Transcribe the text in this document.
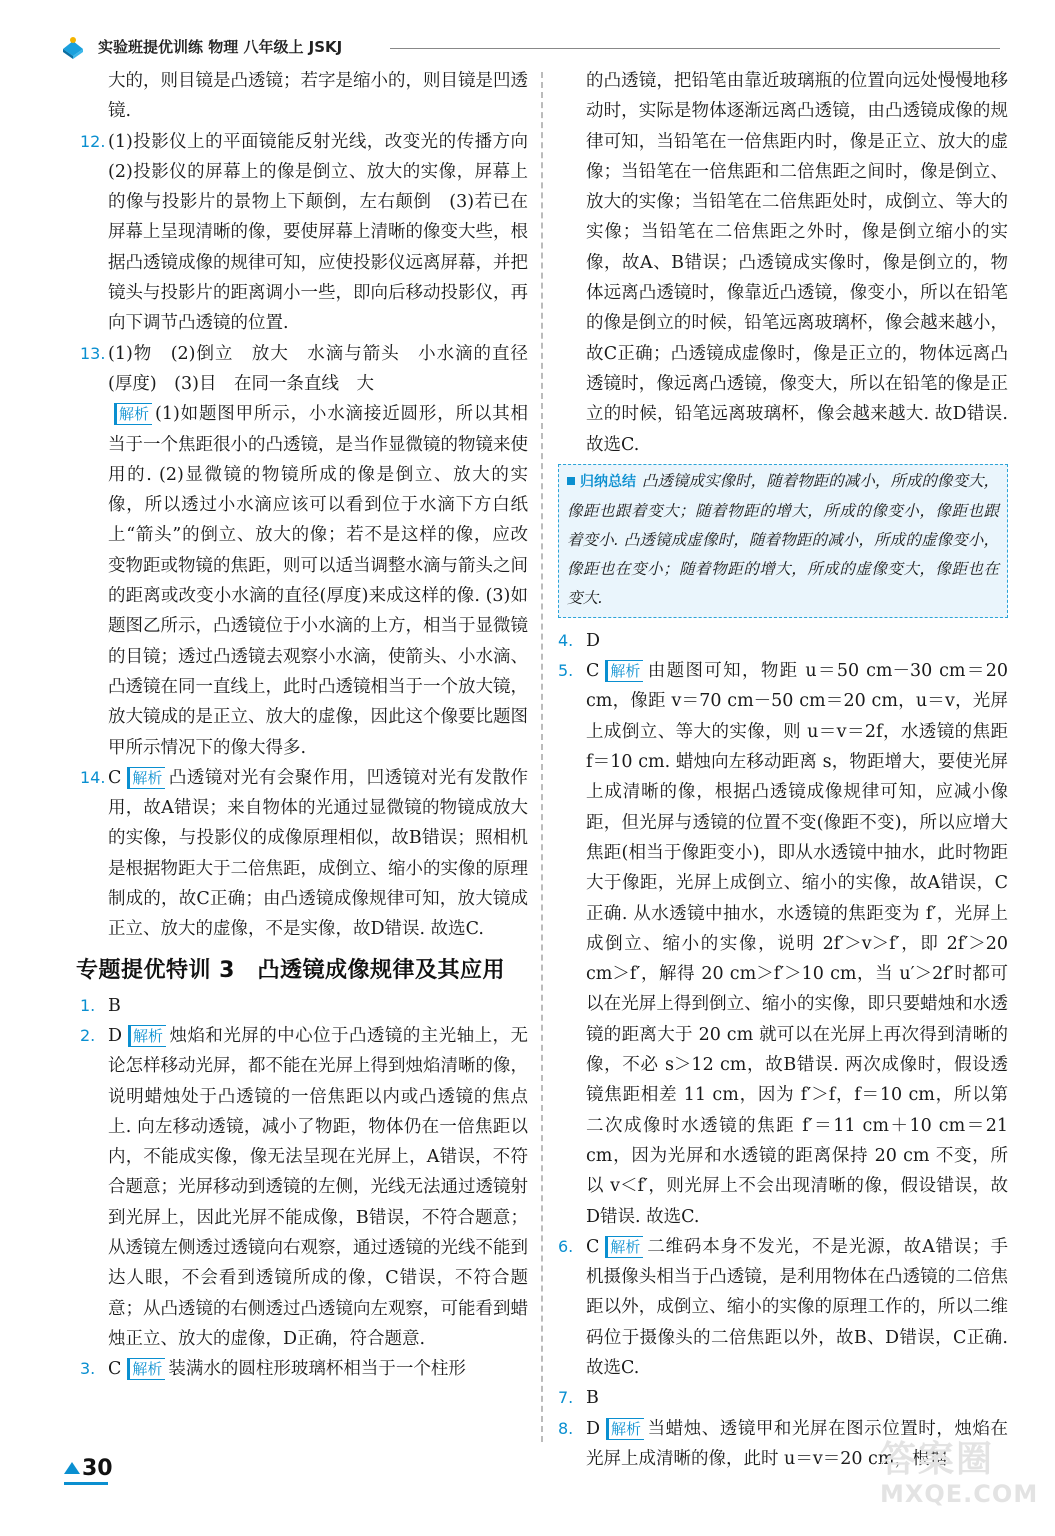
实验班提优训练 物理 八年级上 JSKJ

大的，则目镜是凸透镜；若字是缩小的，则目镜是凹透镜.

12. (1)投影仪上的平面镜能反射光线，改变光的传播方向　(2)投影仪的屏幕上的像是倒立、放大的实像，屏幕上的像与投影片的景物上下颠倒，左右颠倒　(3)若已在屏幕上呈现清晰的像，要使屏幕上清晰的像变大些，根据凸透镜成像的规律可知，应使投影仪远离屏幕，并把镜头与投影片的距离调小一些，即向后移动投影仪，再向下调节凸透镜的位置.
13. (1)物　(2)倒立　放大　水滴与箭头　小水滴的直径(厚度)　(3)目　在同一条直线　大
解析 (1)如题图甲所示，小水滴接近圆形，所以其相当于一个焦距很小的凸透镜，是当作显微镜的物镜来使用的. (2)显微镜的物镜所成的像是倒立、放大的实像，所以透过小水滴应该可以看到位于水滴下方白纸上“箭头”的倒立、放大的像；若不是这样的像，应改变物距或物镜的焦距，则可以适当调整水滴与箭头之间的距离或改变小水滴的直径(厚度)来成这样的像. (3)如题图乙所示，凸透镜位于小水滴的上方，相当于显微镜的目镜；透过凸透镜去观察小水滴，使箭头、小水滴、凸透镜在同一直线上，此时凸透镜相当于一个放大镜，放大镜成的是正立、放大的虚像，因此这个像要比题图甲所示情况下的像大得多.
14. C 解析 凸透镜对光有会聚作用，凹透镜对光有发散作用，故A错误；来自物体的光通过显微镜的物镜成放大的实像，与投影仪的成像原理相似，故B错误；照相机是根据物距大于二倍焦距，成倒立、缩小的实像的原理制成的，故C正确；由凸透镜成像规律可知，放大镜成正立、放大的虚像，不是实像，故D错误. 故选C.
专题提优特训 3　凸透镜成像规律及其应用
1. B
2. D 解析 烛焰和光屏的中心位于凸透镜的主光轴上，无论怎样移动光屏，都不能在光屏上得到烛焰清晰的像，说明蜡烛处于凸透镜的一倍焦距以内或凸透镜的焦点上. 向左移动透镜，减小了物距，物体仍在一倍焦距以内，不能成实像，像无法呈现在光屏上，A错误，不符合题意；光屏移动到透镜的左侧，光线无法通过透镜射到光屏上，因此光屏不能成像，B错误，不符合题意；从透镜左侧透过透镜向右观察，通过透镜的光线不能到达人眼，不会看到透镜所成的像，C错误，不符合题意；从凸透镜的右侧透过凸透镜向左观察，可能看到蜡烛正立、放大的虚像，D正确，符合题意.
3. C 解析 装满水的圆柱形玻璃杯相当于一个柱形

的凸透镜，把铅笔由靠近玻璃瓶的位置向远处慢慢地移动时，实际是物体逐渐远离凸透镜，由凸透镜成像的规律可知，当铅笔在一倍焦距内时，像是正立、放大的虚像；当铅笔在一倍焦距和二倍焦距之间时，像是倒立、放大的实像；当铅笔在二倍焦距处时，成倒立、等大的实像；当铅笔在二倍焦距之外时，像是倒立缩小的实像，故A、B错误；凸透镜成实像时，像是倒立的，物体远离凸透镜时，像靠近凸透镜，像变小，所以在铅笔的像是倒立的时候，铅笔远离玻璃杯，像会越来越小，故C正确；凸透镜成虚像时，像是正立的，物体远离凸透镜时，像远离凸透镜，像变大，所以在铅笔的像是正立的时候，铅笔远离玻璃杯，像会越来越大. 故D错误. 故选C.

归纳总结 凸透镜成实像时，随着物距的减小，所成的像变大，像距也跟着变大；随着物距的增大，所成的像变小，像距也跟着变小. 凸透镜成虚像时，随着物距的减小，所成的虚像变小，像距也在变小；随着物距的增大，所成的虚像变大，像距也在变大.
4. D
5. C 解析 由题图可知，物距 u＝50 cm－30 cm＝20 cm，像距 v＝70 cm－50 cm＝20 cm，u＝v，光屏上成倒立、等大的实像，则 u＝v＝2f，水透镜的焦距 f＝10 cm. 蜡烛向左移动距离 s，物距增大，要使光屏上成清晰的像，根据凸透镜成像规律可知，应减小像距，但光屏与透镜的位置不变(像距不变)，所以应增大焦距(相当于像距变小)，即从水透镜中抽水，此时物距大于像距，光屏上成倒立、缩小的实像，故A错误，C正确. 从水透镜中抽水，水透镜的焦距变为 f′，光屏上成倒立、缩小的实像，说明 2f′＞v＞f′，即 2f′＞20 cm＞f′，解得 20 cm＞f′＞10 cm，当 u′＞2f′时都可以在光屏上得到倒立、缩小的实像，即只要蜡烛和水透镜的距离大于 20 cm 就可以在光屏上再次得到清晰的像，不必 s＞12 cm，故B错误. 两次成像时，假设透镜焦距相差 11 cm，因为 f′＞f，f＝10 cm，所以第二次成像时水透镜的焦距 f′＝11 cm＋10 cm＝21 cm，因为光屏和水透镜的距离保持 20 cm 不变，所以 v＜f′，则光屏上不会出现清晰的像，假设错误，故D错误. 故选C.
6. C 解析 二维码本身不发光，不是光源，故A错误；手机摄像头相当于凸透镜，是利用物体在凸透镜的二倍焦距以外，成倒立、缩小的实像的原理工作的，所以二维码位于摄像头的二倍焦距以外，故B、D错误，C正确. 故选C.
7. B
8. D 解析 当蜡烛、透镜甲和光屏在图示位置时，烛焰在光屏上成清晰的像，此时 u＝v＝20 cm，根据
30	答案圈
MXQE.COM
